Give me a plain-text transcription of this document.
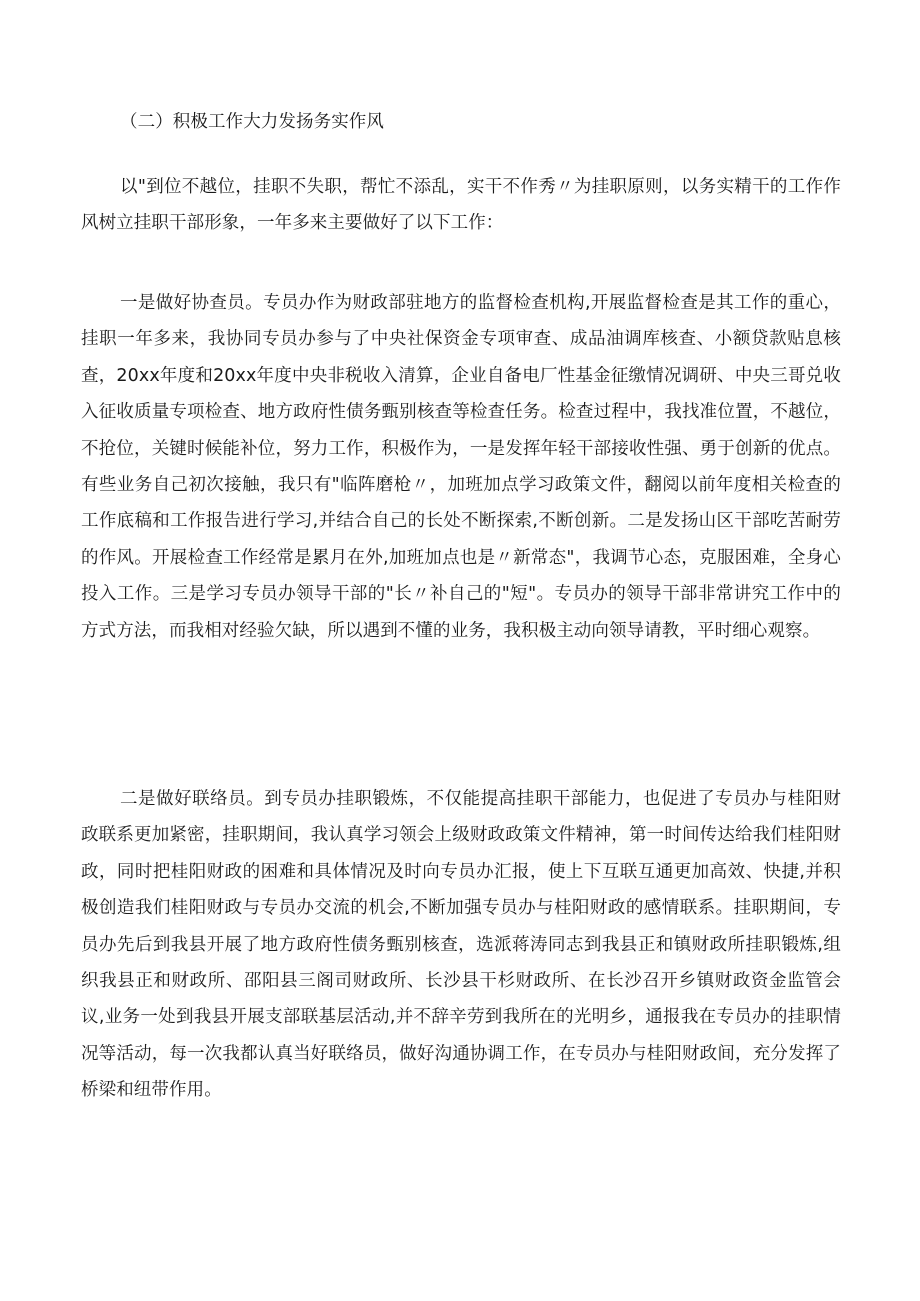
（二）积极工作大力发扬务实作风

以"到位不越位，挂职不失职，帮忙不添乱，实干不作秀〃为挂职原则，以务实精干的工作作风树立挂职干部形象，一年多来主要做好了以下工作：

一是做好协查员。专员办作为财政部驻地方的监督检查机构,开展监督检查是其工作的重心，挂职一年多来，我协同专员办参与了中央社保资金专项审查、成品油调库核查、小额贷款贴息核查，20xx年度和20xx年度中央非税收入清算，企业自备电厂性基金征缴情况调研、中央三哥兑收入征收质量专项检查、地方政府性债务甄别核查等检查任务。检查过程中，我找准位置，不越位，不抢位，关键时候能补位，努力工作，积极作为，一是发挥年轻干部接收性强、勇于创新的优点。有些业务自己初次接触，我只有"临阵磨枪〃，加班加点学习政策文件，翻阅以前年度相关检查的工作底稿和工作报告进行学习,并结合自己的长处不断探索,不断创新。二是发扬山区干部吃苦耐劳的作风。开展检查工作经常是累月在外,加班加点也是〃新常态"，我调节心态，克服困难，全身心投入工作。三是学习专员办领导干部的"长〃补自己的"短"。专员办的领导干部非常讲究工作中的方式方法，而我相对经验欠缺，所以遇到不懂的业务，我积极主动向领导请教，平时细心观察。

二是做好联络员。到专员办挂职锻炼，不仅能提高挂职干部能力，也促进了专员办与桂阳财政联系更加紧密，挂职期间，我认真学习领会上级财政政策文件精神，第一时间传达给我们桂阳财政，同时把桂阳财政的困难和具体情况及时向专员办汇报，使上下互联互通更加高效、快捷,并积极创造我们桂阳财政与专员办交流的机会,不断加强专员办与桂阳财政的感情联系。挂职期间，专员办先后到我县开展了地方政府性债务甄别核查，选派蒋涛同志到我县正和镇财政所挂职锻炼,组织我县正和财政所、邵阳县三阁司财政所、长沙县干杉财政所、在长沙召开乡镇财政资金监管会议,业务一处到我县开展支部联基层活动,并不辞辛劳到我所在的光明乡，通报我在专员办的挂职情况等活动，每一次我都认真当好联络员，做好沟通协调工作，在专员办与桂阳财政间，充分发挥了桥梁和纽带作用。
